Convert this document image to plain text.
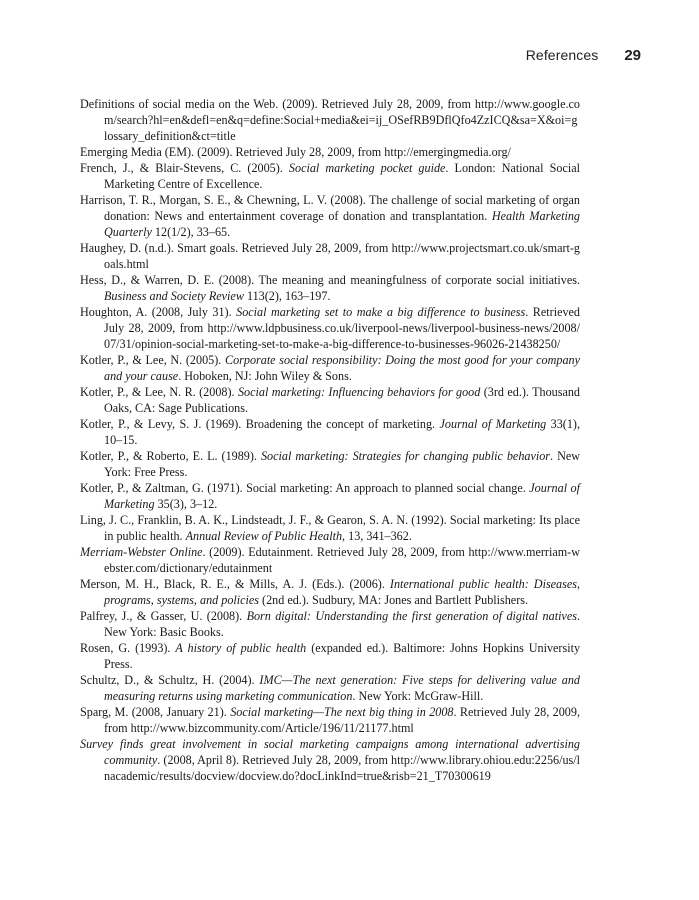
References 29

Definitions of social media on the Web. (2009). Retrieved July 28, 2009, from http://www.google.com/search?hl=en&defl=en&q=define:Social+media&ei=ij_OSefRB9DflQfo4ZzICQ&sa=X&oi=glossary_definition&ct=title

Emerging Media (EM). (2009). Retrieved July 28, 2009, from http://emergingmedia.org/

French, J., & Blair-Stevens, C. (2005). Social marketing pocket guide. London: National Social Marketing Centre of Excellence.

Harrison, T. R., Morgan, S. E., & Chewning, L. V. (2008). The challenge of social marketing of organ donation: News and entertainment coverage of donation and transplantation. Health Marketing Quarterly 12(1/2), 33–65.

Haughey, D. (n.d.). Smart goals. Retrieved July 28, 2009, from http://www.projectsmart.co.uk/smart-goals.html

Hess, D., & Warren, D. E. (2008). The meaning and meaningfulness of corporate social initiatives. Business and Society Review 113(2), 163–197.

Houghton, A. (2008, July 31). Social marketing set to make a big difference to business. Retrieved July 28, 2009, from http://www.ldpbusiness.co.uk/liverpool-news/liverpool-business-news/2008/07/31/opinion-social-marketing-set-to-make-a-big-difference-to-businesses-96026-21438250/

Kotler, P., & Lee, N. (2005). Corporate social responsibility: Doing the most good for your company and your cause. Hoboken, NJ: John Wiley & Sons.

Kotler, P., & Lee, N. R. (2008). Social marketing: Influencing behaviors for good (3rd ed.). Thousand Oaks, CA: Sage Publications.

Kotler, P., & Levy, S. J. (1969). Broadening the concept of marketing. Journal of Marketing 33(1), 10–15.

Kotler, P., & Roberto, E. L. (1989). Social marketing: Strategies for changing public behavior. New York: Free Press.

Kotler, P., & Zaltman, G. (1971). Social marketing: An approach to planned social change. Journal of Marketing 35(3), 3–12.

Ling, J. C., Franklin, B. A. K., Lindsteadt, J. F., & Gearon, S. A. N. (1992). Social marketing: Its place in public health. Annual Review of Public Health, 13, 341–362.

Merriam-Webster Online. (2009). Edutainment. Retrieved July 28, 2009, from http://www.merriam-webster.com/dictionary/edutainment

Merson, M. H., Black, R. E., & Mills, A. J. (Eds.). (2006). International public health: Diseases, programs, systems, and policies (2nd ed.). Sudbury, MA: Jones and Bartlett Publishers.

Palfrey, J., & Gasser, U. (2008). Born digital: Understanding the first generation of digital natives. New York: Basic Books.

Rosen, G. (1993). A history of public health (expanded ed.). Baltimore: Johns Hopkins University Press.

Schultz, D., & Schultz, H. (2004). IMC—The next generation: Five steps for delivering value and measuring returns using marketing communication. New York: McGraw-Hill.

Sparg, M. (2008, January 21). Social marketing—The next big thing in 2008. Retrieved July 28, 2009, from http://www.bizcommunity.com/Article/196/11/21177.html

Survey finds great involvement in social marketing campaigns among international advertising community. (2008, April 8). Retrieved July 28, 2009, from http://www.library.ohiou.edu:2256/us/lnacademic/results/docview/docview.do?docLinkInd=true&risb=21_T70300619
